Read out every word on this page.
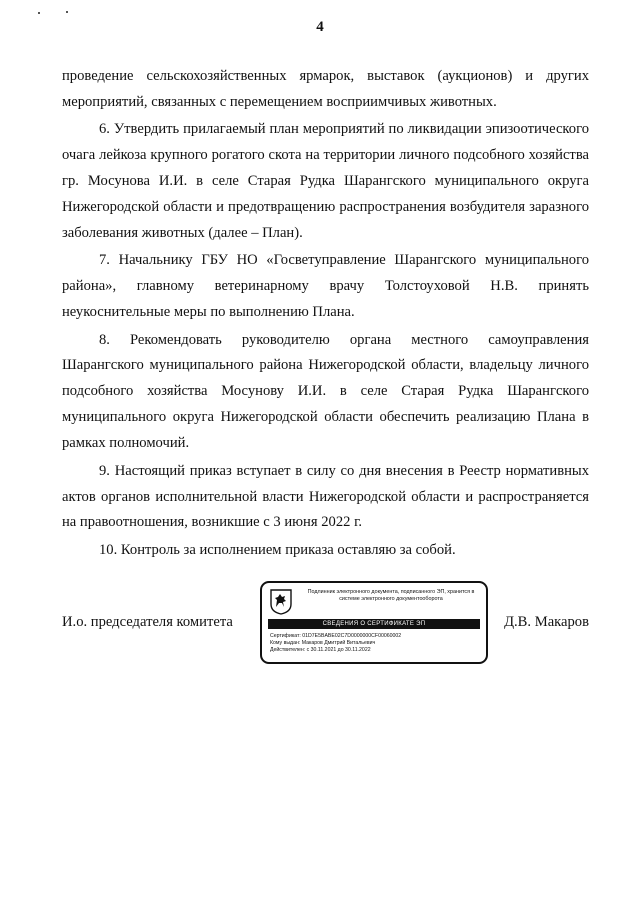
4

проведение сельскохозяйственных ярмарок, выставок (аукционов) и других мероприятий, связанных с перемещением восприимчивых животных.

6. Утвердить прилагаемый план мероприятий по ликвидации эпизоотического очага лейкоза крупного рогатого скота на территории личного подсобного хозяйства гр. Мосунова И.И. в селе Старая Рудка Шарангского муниципального округа Нижегородской области и предотвращению распространения возбудителя заразного заболевания животных (далее – План).

7. Начальнику ГБУ НО «Госветуправление Шарангского муниципального района», главному ветеринарному врачу Толстоуховой Н.В. принять неукоснительные меры по выполнению Плана.

8. Рекомендовать руководителю органа местного самоуправления Шарангского муниципального района Нижегородской области, владельцу личного подсобного хозяйства Мосунову И.И. в селе Старая Рудка Шарангского муниципального округа Нижегородской области обеспечить реализацию Плана в рамках полномочий.

9. Настоящий приказ вступает в силу со дня внесения в Реестр нормативных актов органов исполнительной власти Нижегородской области и распространяется на правоотношения, возникшие с 3 июня 2022 г.

10. Контроль за исполнением приказа оставляю за собой.

И.о. председателя комитета	Д.В. Макаров
Подлинник электронного документа, подписанного ЭП, хранится в системе электронного документооборота
СВЕДЕНИЯ О СЕРТИФИКАТЕ ЭП
Сертификат: 01D7E5BABE02C7D0000000CF00060002
Кому выдан: Макаров Дмитрий Витальевич
Действителен: с 30.11.2021 до 30.11.2022
